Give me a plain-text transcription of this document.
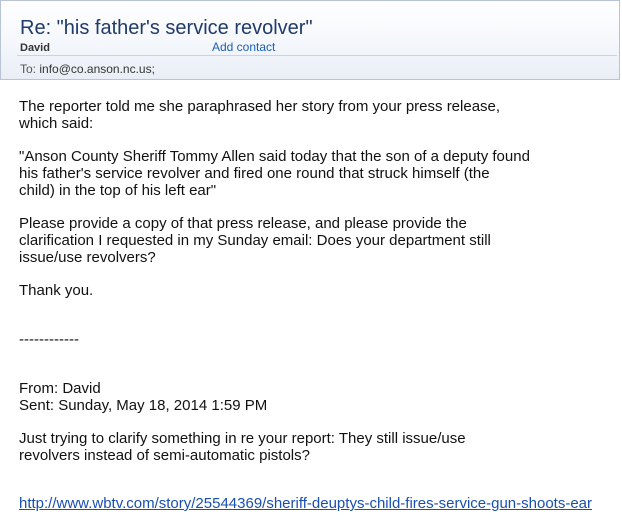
Re: "his father's service revolver"
David	Add contact
To: info@co.anson.nc.us;

The reporter told me she paraphrased her story from your press release,
which said:

"Anson County Sheriff Tommy Allen said today that the son of a deputy found
his father's service revolver and fired one round that struck himself (the
child) in the top of his left ear"

Please provide a copy of that press release, and please provide the
clarification I requested in my Sunday email: Does your department still
issue/use revolvers?

Thank you.

------------

From: David

Sent: Sunday, May 18, 2014 1:59 PM

Just trying to clarify something in re your report: They still issue/use
revolvers instead of semi-automatic pistols?

http://www.wbtv.com/story/25544369/sheriff-deuptys-child-fires-service-gun-shoots-ear
